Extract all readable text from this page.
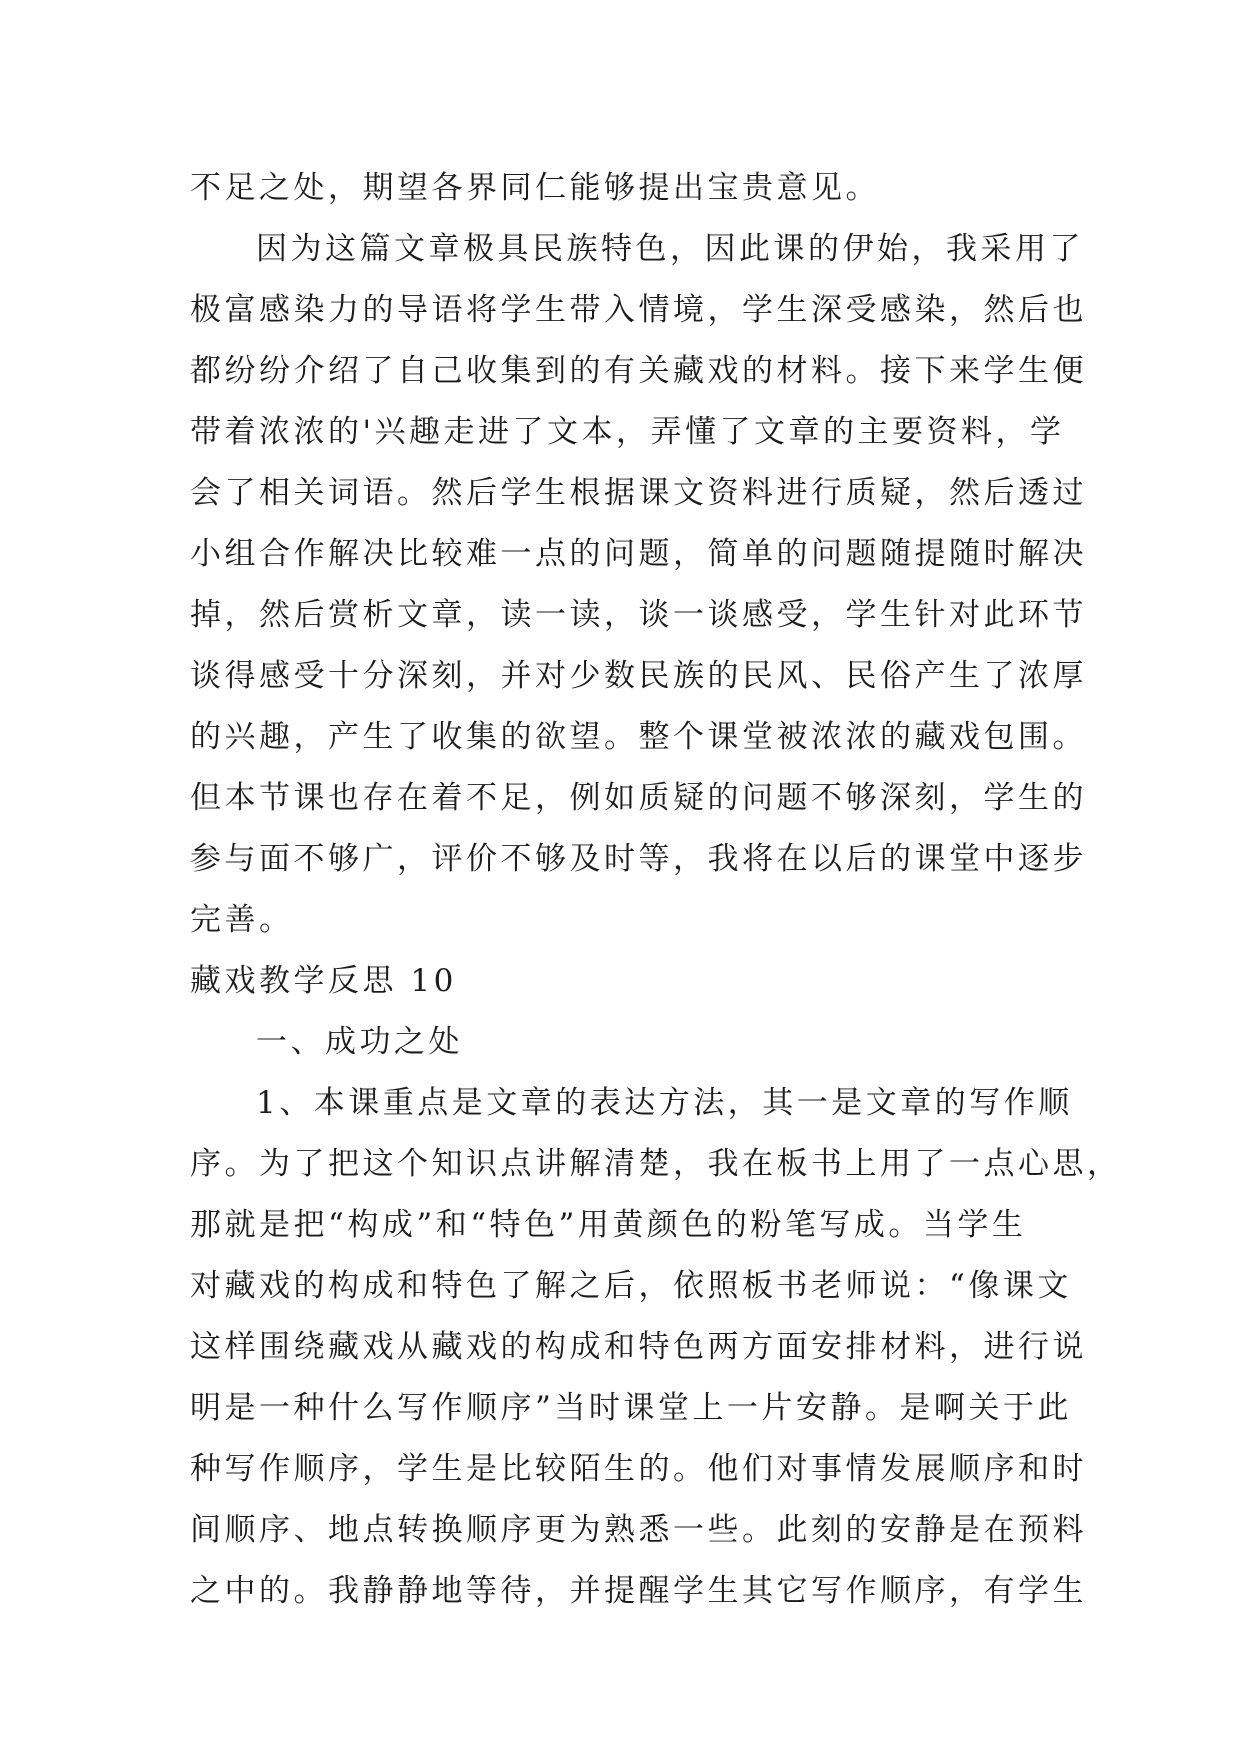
不足之处，期望各界同仁能够提出宝贵意见。
因为这篇文章极具民族特色，因此课的伊始，我采用了
极富感染力的导语将学生带入情境，学生深受感染，然后也
都纷纷介绍了自己收集到的有关藏戏的材料。接下来学生便
带着浓浓的'兴趣走进了文本，弄懂了文章的主要资料，学
会了相关词语。然后学生根据课文资料进行质疑，然后透过
小组合作解决比较难一点的问题，简单的问题随提随时解决
掉，然后赏析文章，读一读，谈一谈感受，学生针对此环节
谈得感受十分深刻，并对少数民族的民风、民俗产生了浓厚
的兴趣，产生了收集的欲望。整个课堂被浓浓的藏戏包围。
但本节课也存在着不足，例如质疑的问题不够深刻，学生的
参与面不够广，评价不够及时等，我将在以后的课堂中逐步
完善。
藏戏教学反思 10
一、成功之处
1、本课重点是文章的表达方法，其一是文章的写作顺
序。为了把这个知识点讲解清楚，我在板书上用了一点心思，
那就是把“构成”和“特色”用黄颜色的粉笔写成。当学生
对藏戏的构成和特色了解之后，依照板书老师说：“像课文
这样围绕藏戏从藏戏的构成和特色两方面安排材料，进行说
明是一种什么写作顺序”当时课堂上一片安静。是啊关于此
种写作顺序，学生是比较陌生的。他们对事情发展顺序和时
间顺序、地点转换顺序更为熟悉一些。此刻的安静是在预料
之中的。我静静地等待，并提醒学生其它写作顺序，有学生
